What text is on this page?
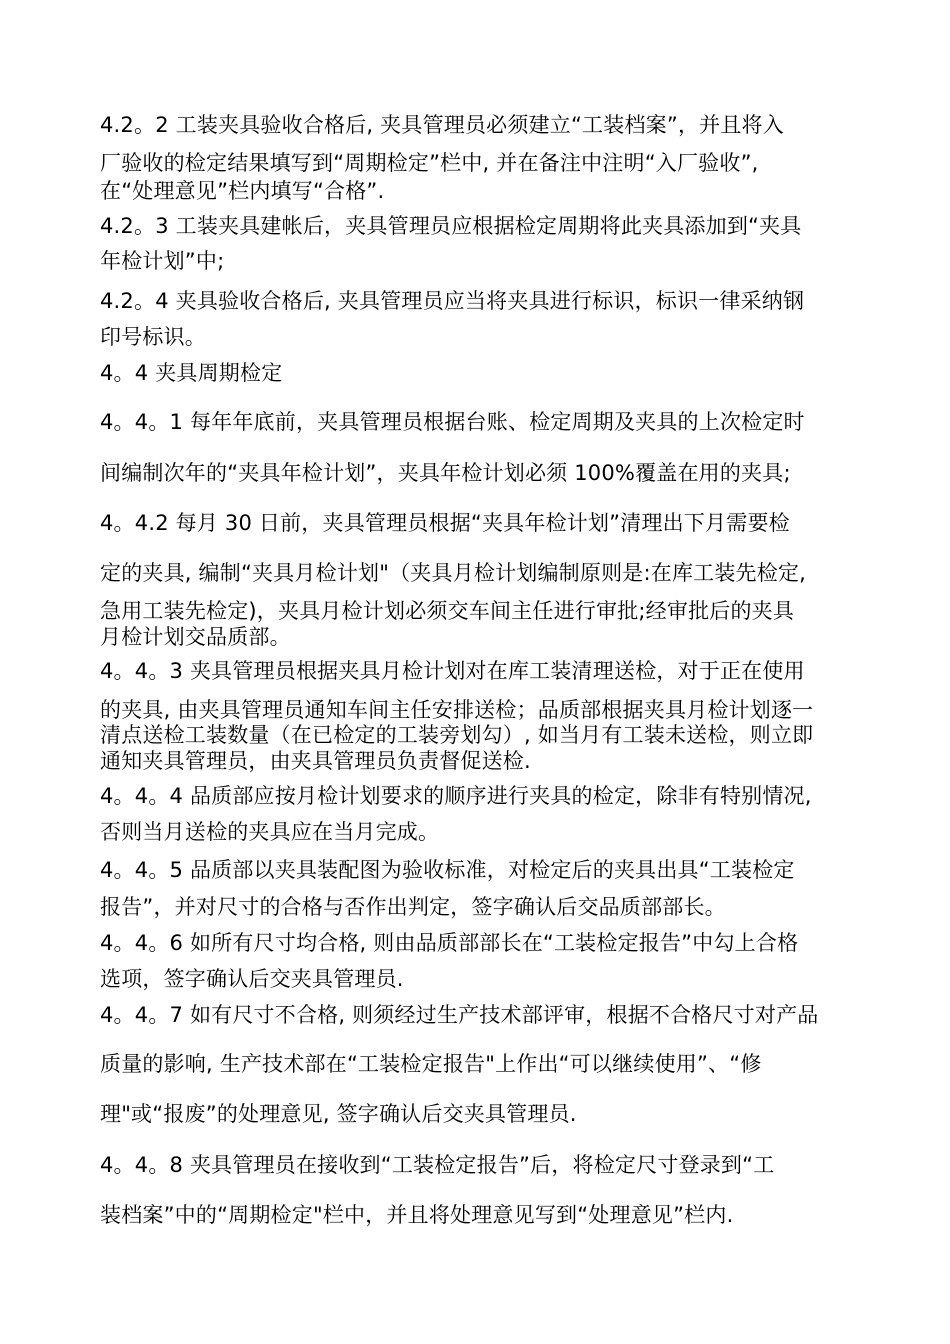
4.2。2 工装夹具验收合格后, 夹具管理员必须建立“工装档案”，并且将入

厂验收的检定结果填写到“周期检定”栏中, 并在备注中注明“入厂验收”,

在“处理意见”栏内填写“合格”.

4.2。3 工装夹具建帐后，夹具管理员应根据检定周期将此夹具添加到“夹具

年检计划”中;

4.2。4 夹具验收合格后, 夹具管理员应当将夹具进行标识，标识一律采纳钢

印号标识。

4。4 夹具周期检定

4。4。1 每年年底前，夹具管理员根据台账、检定周期及夹具的上次检定时

间编制次年的“夹具年检计划”，夹具年检计划必须 100%覆盖在用的夹具;

4。4.2 每月 30 日前，夹具管理员根据“夹具年检计划”清理出下月需要检

定的夹具, 编制“夹具月检计划"（夹具月检计划编制原则是:在库工装先检定,

急用工装先检定)，夹具月检计划必须交车间主任进行审批;经审批后的夹具

月检计划交品质部。

4。4。3 夹具管理员根据夹具月检计划对在库工装清理送检，对于正在使用

的夹具, 由夹具管理员通知车间主任安排送检；品质部根据夹具月检计划逐一

清点送检工装数量（在已检定的工装旁划勾）, 如当月有工装未送检，则立即

通知夹具管理员，由夹具管理员负责督促送检.

4。4。4 品质部应按月检计划要求的顺序进行夹具的检定，除非有特别情况,

否则当月送检的夹具应在当月完成。

4。4。5 品质部以夹具装配图为验收标准，对检定后的夹具出具“工装检定

报告”，并对尺寸的合格与否作出判定，签字确认后交品质部部长。

4。4。6 如所有尺寸均合格, 则由品质部部长在“工装检定报告”中勾上合格

选项，签字确认后交夹具管理员.

4。4。7 如有尺寸不合格, 则须经过生产技术部评审，根据不合格尺寸对产品

质量的影响, 生产技术部在“工装检定报告"上作出“可以继续使用”、“修

理"或“报废”的处理意见, 签字确认后交夹具管理员.

4。4。8 夹具管理员在接收到“工装检定报告”后，将检定尺寸登录到“工

装档案”中的“周期检定"栏中，并且将处理意见写到“处理意见”栏内.
